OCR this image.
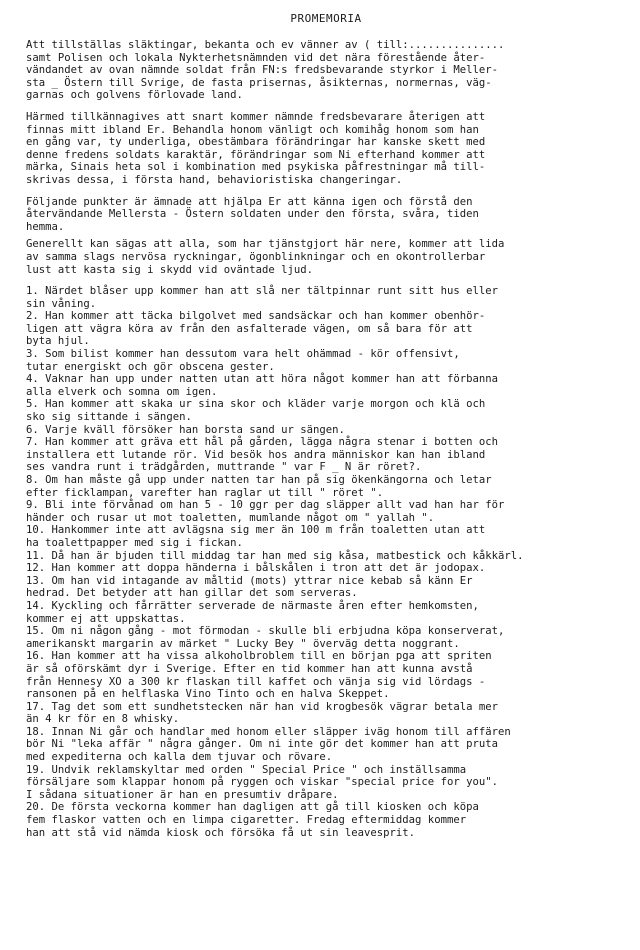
PROMEMORIA
Att tillställas släktingar, bekanta och ev vänner av ( till:...............
samt Polisen och lokala Nykterhetsnämnden vid det nära förestående åter-
vändandet av ovan nämnde soldat från FN:s fredsbevarande styrkor i Meller-
sta _ Östern till Svrige, de fasta prisernas, åsikternas, normernas, väg-
garnas och golvens förlovade land.
Härmed tillkännagives att snart kommer nämnde fredsbevarare återigen att
finnas mitt ibland Er. Behandla honom vänligt och komihåg honom som han
en gång var, ty underliga, obestämbara förändringar har kanske skett med
denne fredens soldats karaktär, förändringar som Ni efterhand kommer att
märka, Sinais heta sol i kombination med psykiska påfrestningar må till-
skrivas dessa, i första hand, behavioristiska changeringar.
Följande punkter är ämnade att hjälpa Er att känna igen och förstå den
återvändande Mellersta - Östern soldaten under den första, svåra, tiden
hemma.
Generellt kan sägas att alla, som har tjänstgjort här nere, kommer att lida
av samma slags nervösa ryckningar, ögonblinkningar och en okontrollerbar
lust att kasta sig i skydd vid oväntade ljud.
1. Närdet blåser upp kommer han att slå ner tältpinnar runt sitt hus eller
sin våning.
2. Han kommer att täcka bilgolvet med sandsäckar och han kommer obenhör-
ligen att vägra köra av från den asfalterade vägen, om så bara för att
byta hjul.
3. Som bilist kommer han dessutom vara helt ohämmad - kör offensivt,
tutar energiskt och gör obscena gester.
4. Vaknar han upp under natten utan att höra något kommer han att förbanna
alla elverk och somna om igen.
5. Han kommer att skaka ur sina skor och kläder varje morgon och klä och
sko sig sittande i sängen.
6. Varje kväll försöker han borsta sand ur sängen.
7. Han kommer att gräva ett hål på gården, lägga några stenar i botten och
installera ett lutande rör. Vid besök hos andra människor kan han ibland
ses vandra runt i trädgården, muttrande " var F _ N är röret?.
8. Om han måste gå upp under natten tar han på sig ökenkängorna och letar
efter ficklampan, varefter han raglar ut till " röret ".
9. Bli inte förvånad om han 5 - 10 ggr per dag släpper allt vad han har för
händer och rusar ut mot toaletten, mumlande något om " yallah ".
10. Hankommer inte att avlägsna sig mer än 100 m från toaletten utan att
ha toalettpapper med sig i fickan.
11. Då han är bjuden till middag tar han med sig kåsa, matbestick och kåkkärl.
12. Han kommer att doppa händerna i bålskålen i tron att det är jodopax.
13. Om han vid intagande av måltid (mots) yttrar nice kebab så känn Er
hedrad. Det betyder att han gillar det som serveras.
14. Kyckling och fårrätter serverade de närmaste åren efter hemkomsten,
kommer ej att uppskattas.
15. Om ni någon gång - mot förmodan - skulle bli erbjudna köpa konserverat,
amerikanskt margarin av märket " Lucky Bey " överväg detta noggrant.
16. Han kommer att ha vissa alkoholbroblem till en början pga att spriten
är så oförskämt dyr i Sverige. Efter en tid kommer han att kunna avstå
från Hennesy XO a 300 kr flaskan till kaffet och vänja sig vid lördags -
ransonen på en helflaska Vino Tinto och en halva Skeppet.
17. Tag det som ett sundhetstecken när han vid krogbesök vägrar betala mer
än 4 kr för en 8 whisky.
18. Innan Ni går och handlar med honom eller släpper iväg honom till affären
bör Ni "leka affär " några gånger. Om ni inte gör det kommer han att pruta
med expediterna och kalla dem tjuvar och rövare.
19. Undvik reklamskyltar med orden " Special Price " och inställsamma
försäljare som klappar honom på ryggen och viskar "special price for you".
I sådana situationer är han en presumtiv dråpare.
20. De första veckorna kommer han dagligen att gå till kiosken och köpa
fem flaskor vatten och en limpa cigaretter. Fredag eftermiddag kommer
han att stå vid nämda kiosk och försöka få ut sin leavesprit.
